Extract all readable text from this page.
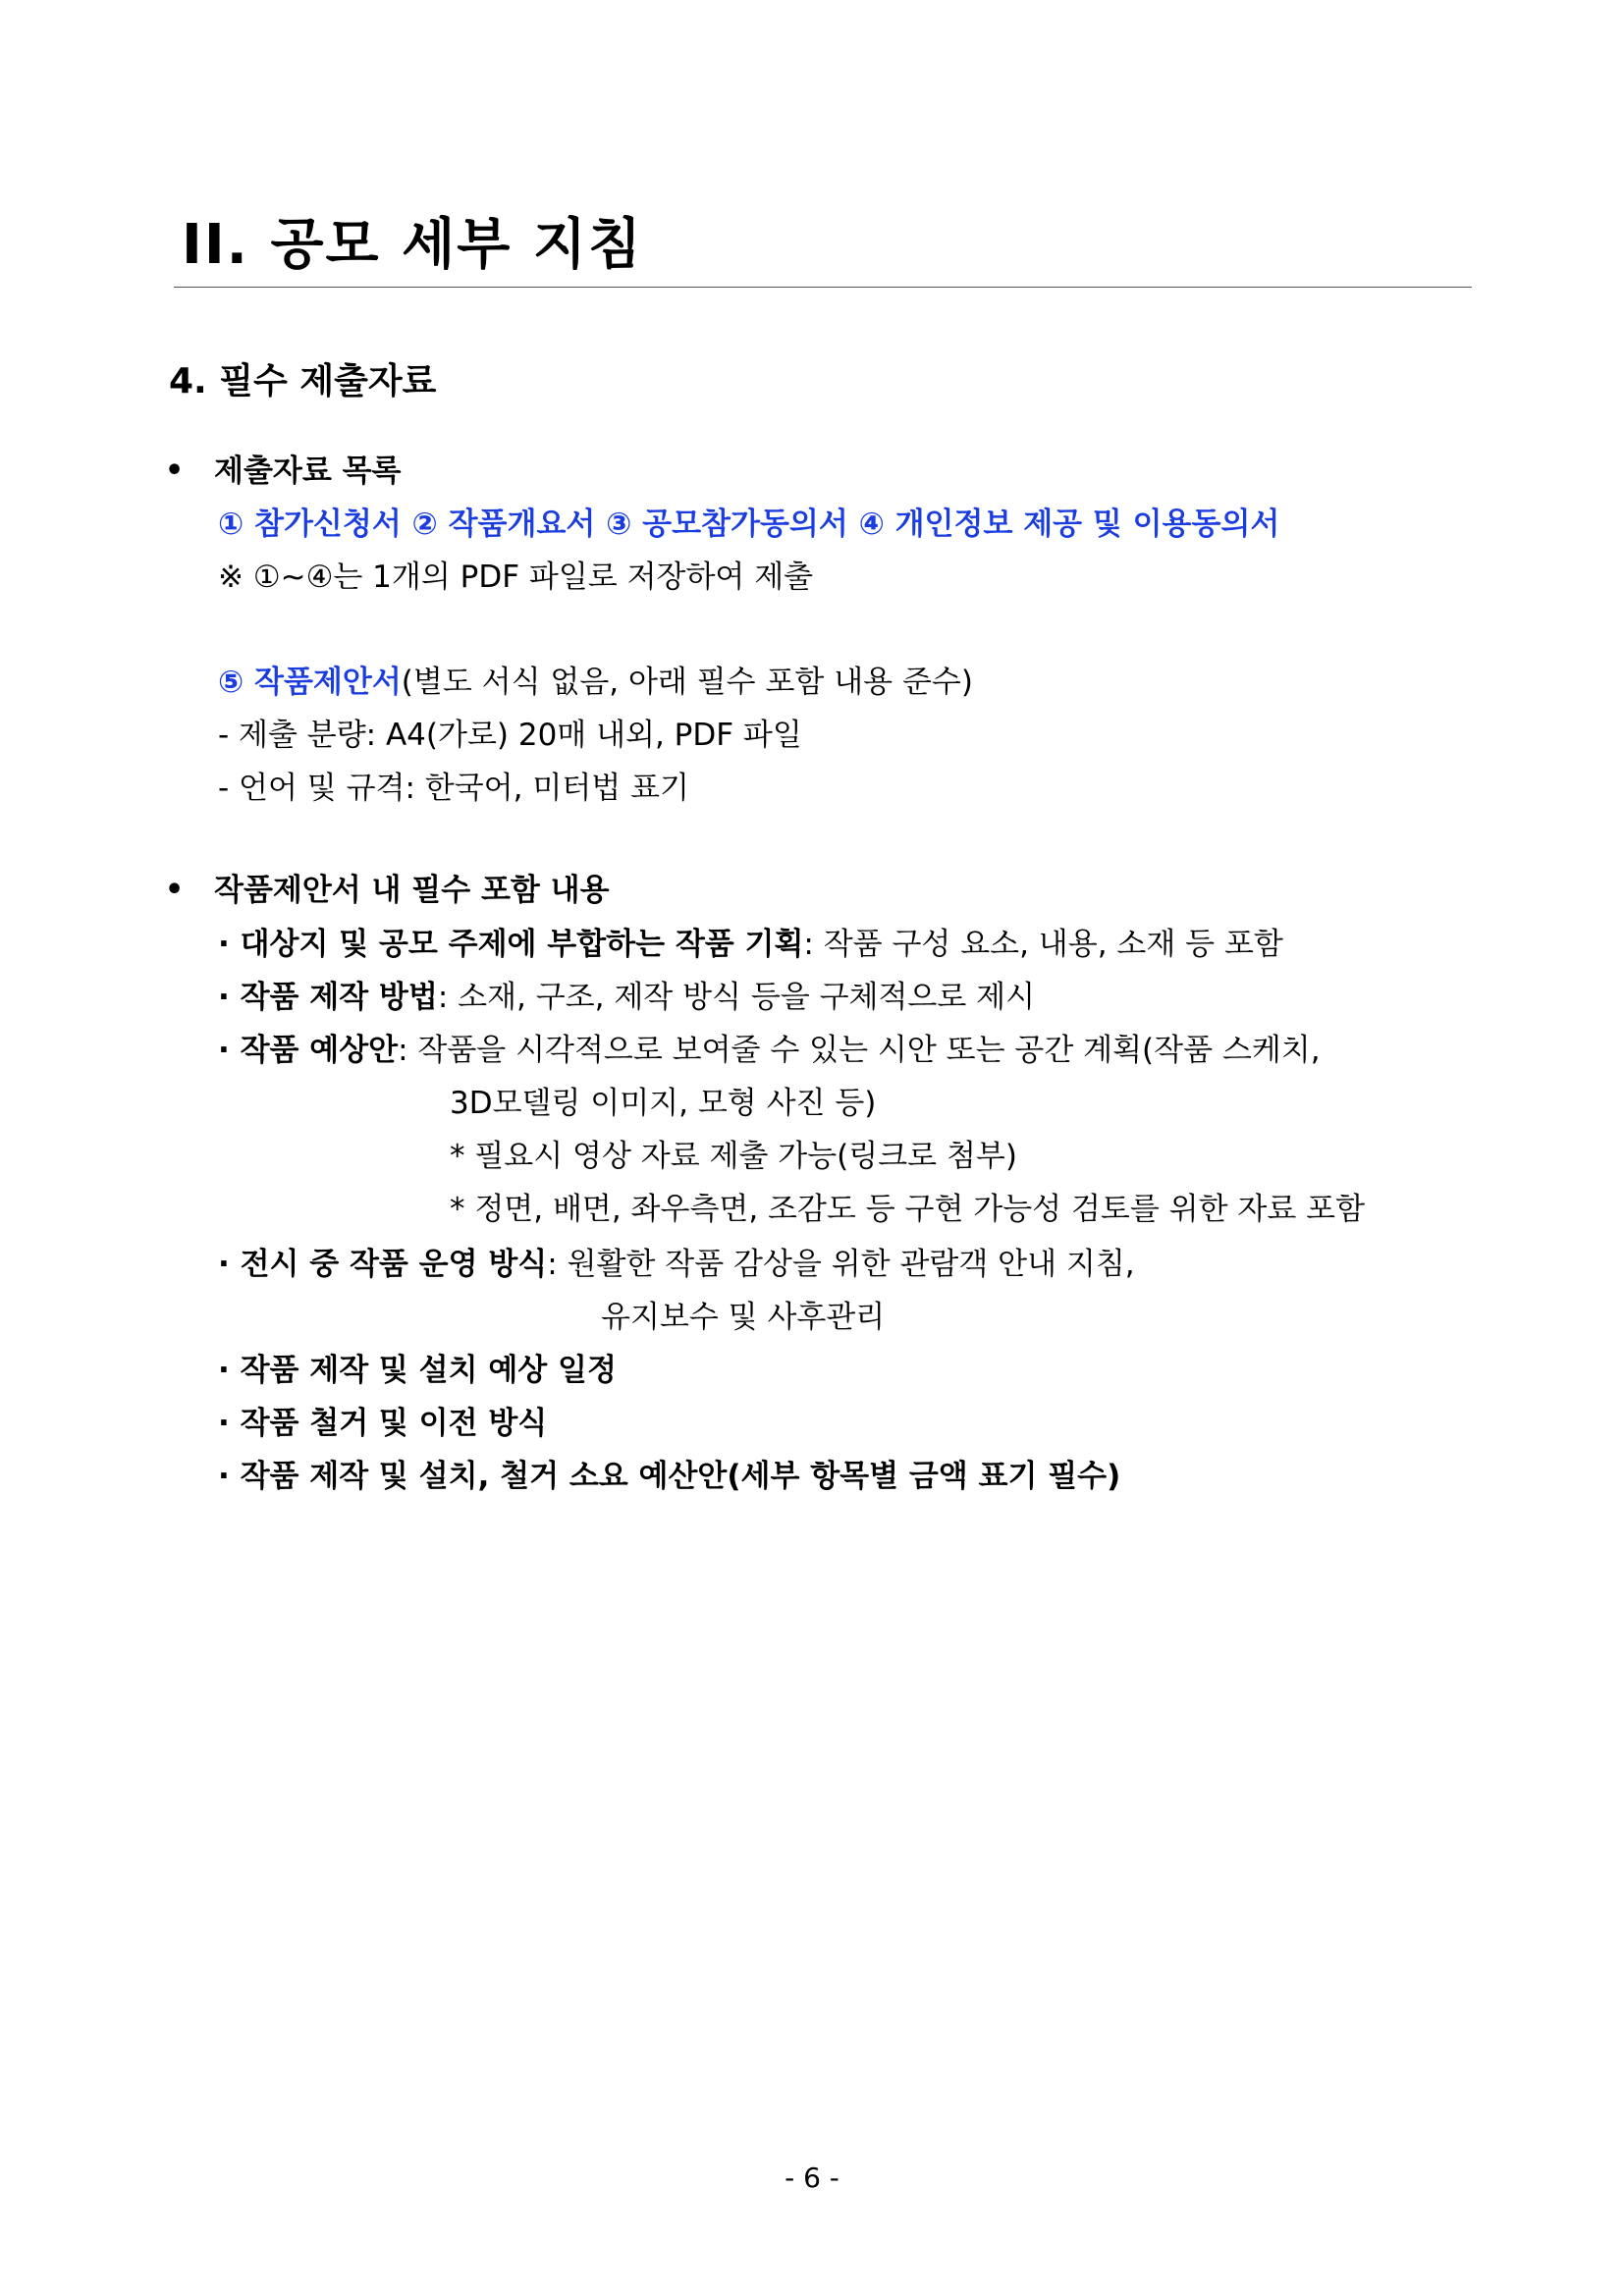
II. 공모 세부 지침
4. 필수 제출자료
• 제출자료 목록
① 참가신청서 ② 작품개요서 ③ 공모참가동의서 ④ 개인정보 제공 및 이용동의서
※ ①~④는 1개의 PDF 파일로 저장하여 제출
⑤ 작품제안서(별도 서식 없음, 아래 필수 포함 내용 준수)
- 제출 분량: A4(가로) 20매 내외, PDF 파일
- 언어 및 규격: 한국어, 미터법 표기
• 작품제안서 내 필수 포함 내용
· 대상지 및 공모 주제에 부합하는 작품 기획: 작품 구성 요소, 내용, 소재 등 포함
· 작품 제작 방법: 소재, 구조, 제작 방식 등을 구체적으로 제시
· 작품 예상안: 작품을 시각적으로 보여줄 수 있는 시안 또는 공간 계획(작품 스케치,
3D모델링 이미지, 모형 사진 등)
* 필요시 영상 자료 제출 가능(링크로 첨부)
* 정면, 배면, 좌우측면, 조감도 등 구현 가능성 검토를 위한 자료 포함
· 전시 중 작품 운영 방식: 원활한 작품 감상을 위한 관람객 안내 지침,
유지보수 및 사후관리
· 작품 제작 및 설치 예상 일정
· 작품 철거 및 이전 방식
· 작품 제작 및 설치, 철거 소요 예산안(세부 항목별 금액 표기 필수)
- 6 -
